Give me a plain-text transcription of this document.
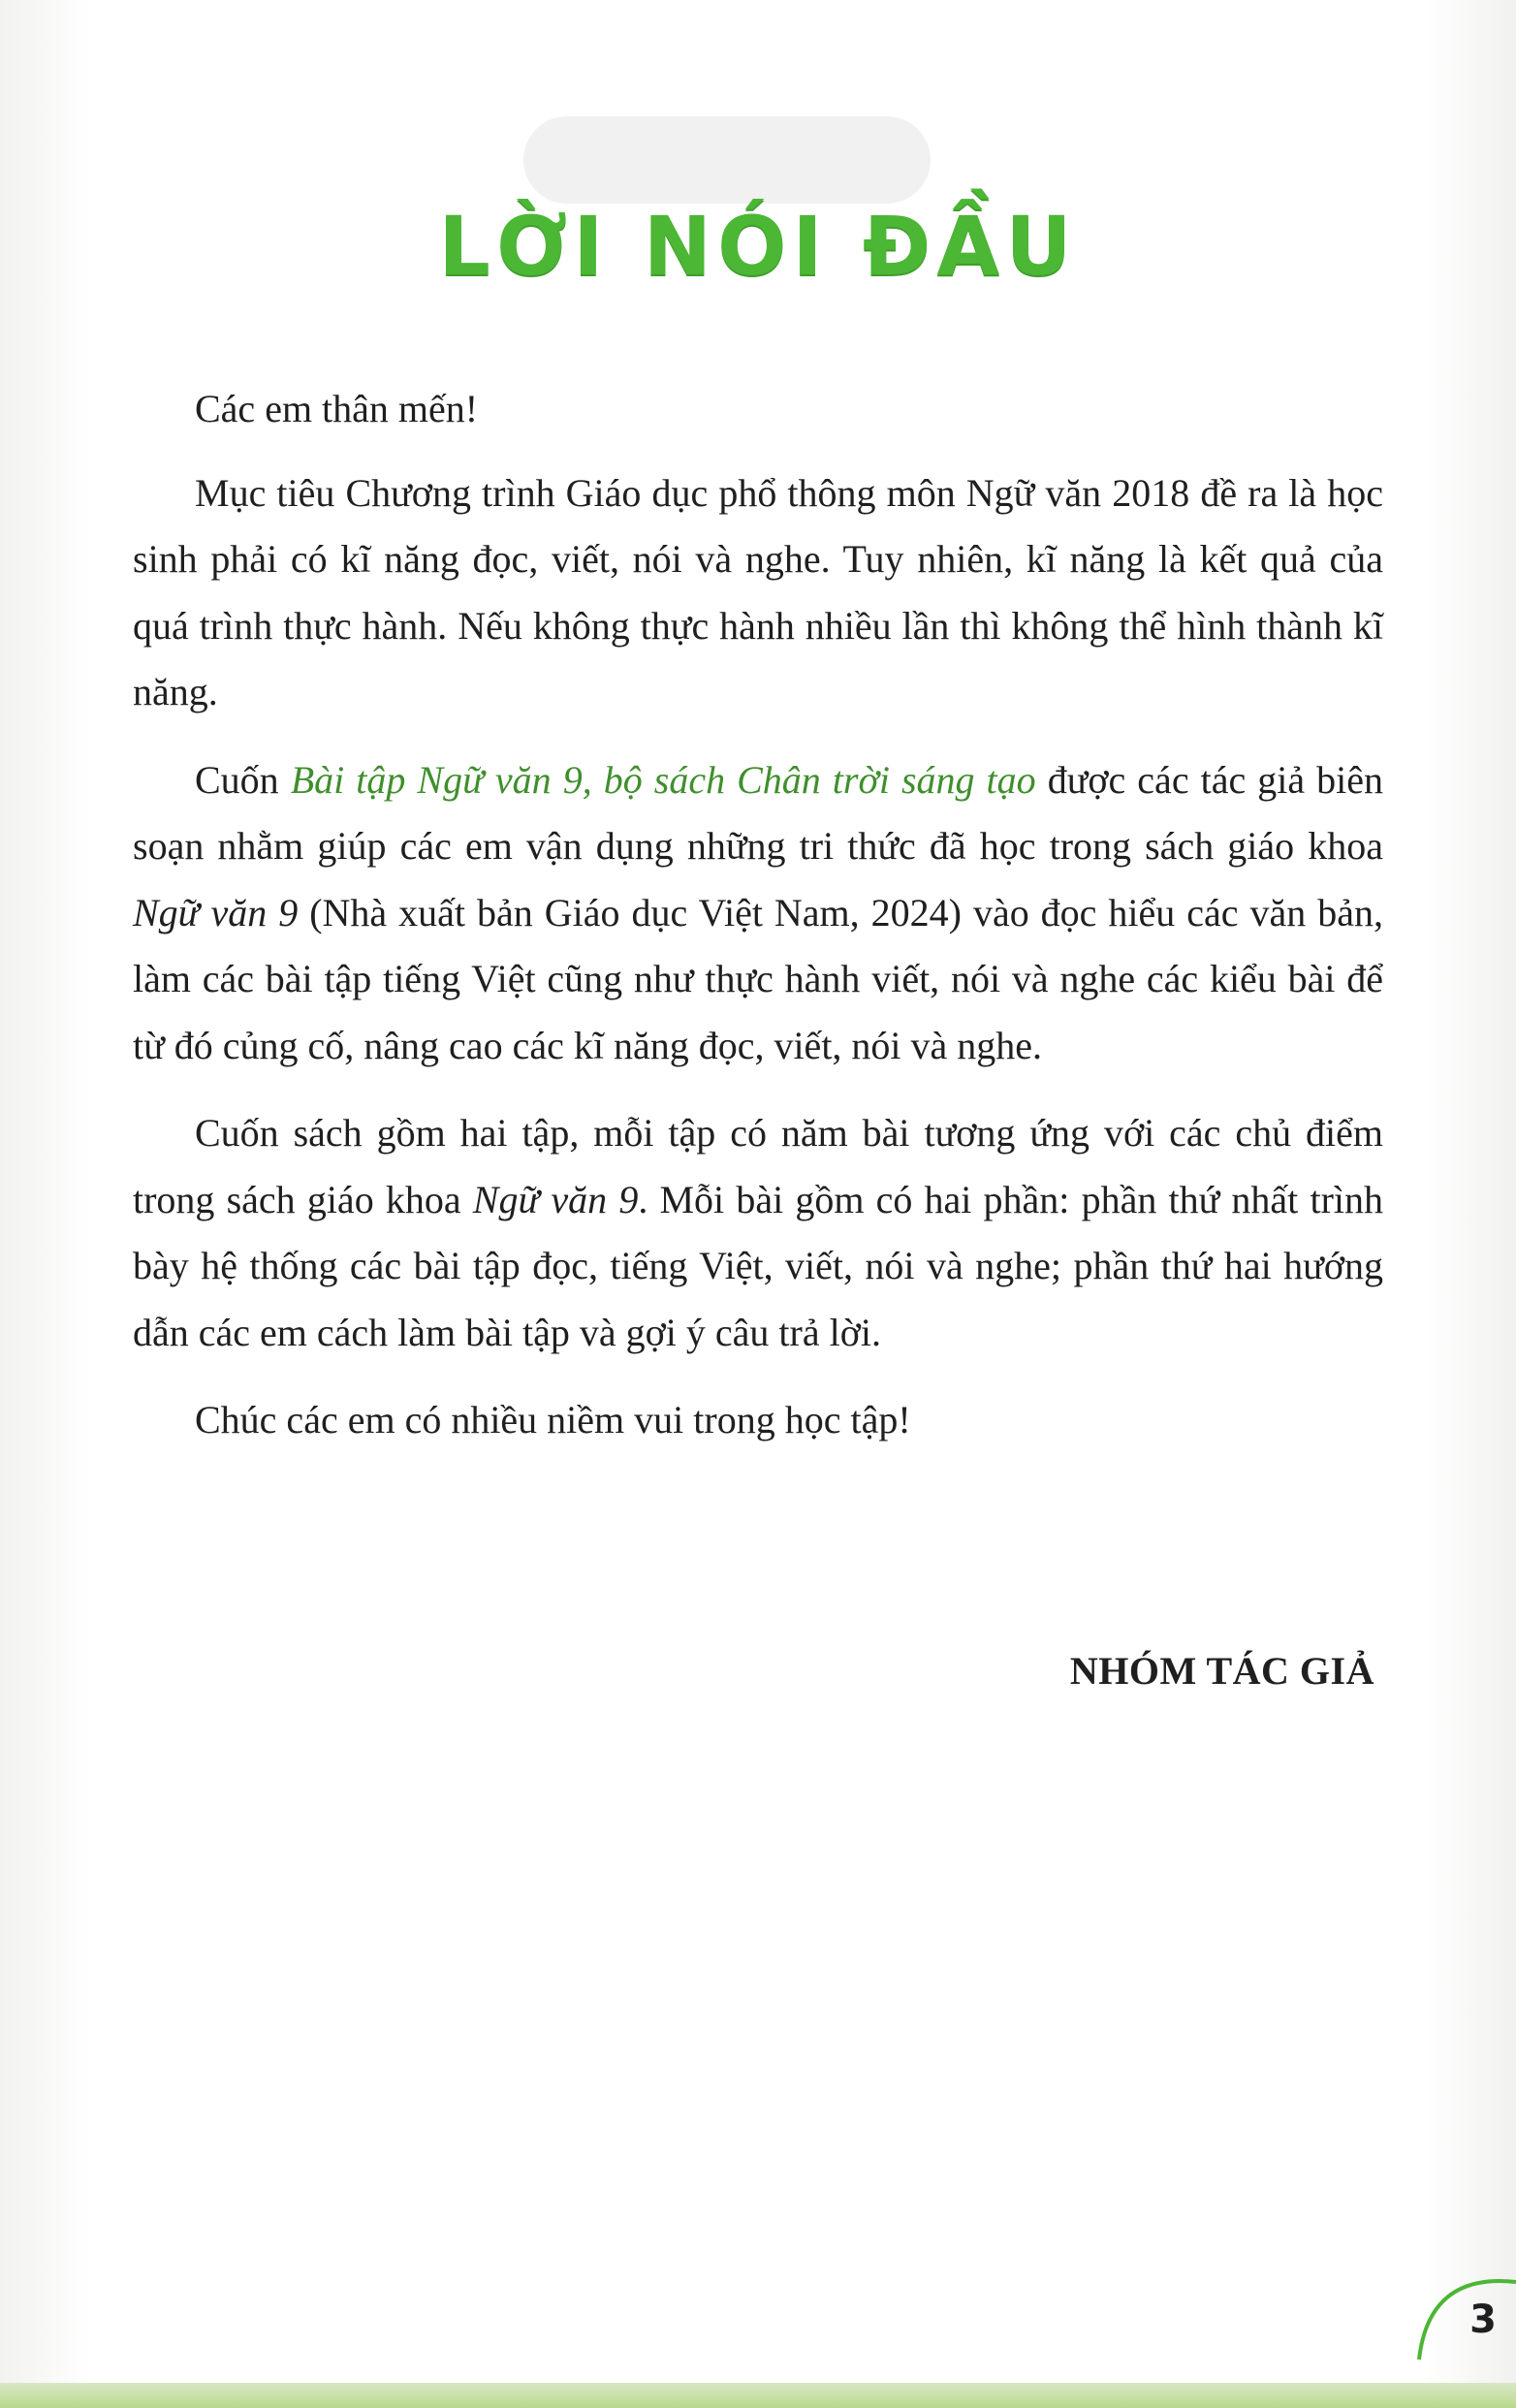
LỜI NÓI ĐẦU

Các em thân mến!

Mục tiêu Chương trình Giáo dục phổ thông môn Ngữ văn 2018 đề ra là học sinh phải có kĩ năng đọc, viết, nói và nghe. Tuy nhiên, kĩ năng là kết quả của quá trình thực hành. Nếu không thực hành nhiều lần thì không thể hình thành kĩ năng.

Cuốn Bài tập Ngữ văn 9, bộ sách Chân trời sáng tạo được các tác giả biên soạn nhằm giúp các em vận dụng những tri thức đã học trong sách giáo khoa Ngữ văn 9 (Nhà xuất bản Giáo dục Việt Nam, 2024) vào đọc hiểu các văn bản, làm các bài tập tiếng Việt cũng như thực hành viết, nói và nghe các kiểu bài để từ đó củng cố, nâng cao các kĩ năng đọc, viết, nói và nghe.

Cuốn sách gồm hai tập, mỗi tập có năm bài tương ứng với các chủ điểm trong sách giáo khoa Ngữ văn 9. Mỗi bài gồm có hai phần: phần thứ nhất trình bày hệ thống các bài tập đọc, tiếng Việt, viết, nói và nghe; phần thứ hai hướng dẫn các em cách làm bài tập và gợi ý câu trả lời.

Chúc các em có nhiều niềm vui trong học tập!

NHÓM TÁC GIẢ
3
